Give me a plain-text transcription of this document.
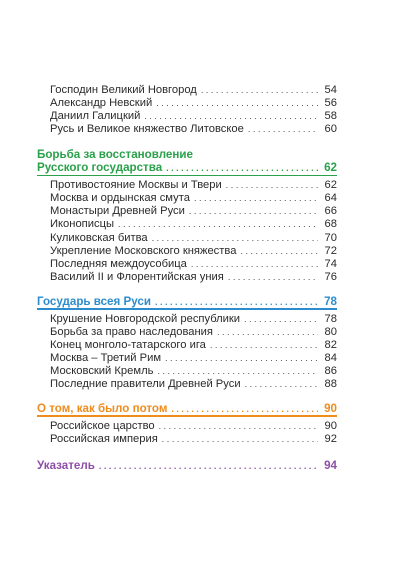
Господин Великий Новгород . . .	54
Александр Невский . . .	56
Даниил Галицкий . . .	58
Русь и Великое княжество Литовское . . .	60
Борьба за восстановление
Русского государства . . .	62
Противостояние Москвы и Твери . . .	62
Москва и ордынская смута . . .	64
Монастыри Древней Руси . . .	66
Иконописцы . . .	68
Куликовская битва . . .	70
Укрепление Московского княжества . . .	72
Последняя междоусобица . . .	74
Василий II и Флорентийская уния . . .	76
Государь всея Руси . . .	78
Крушение Новгородской республики . . .	78
Борьба за право наследования . . .	80
Конец монголо-татарского ига . . .	82
Москва – Третий Рим . . .	84
Московский Кремль . . .	86
Последние правители Древней Руси . . .	88
О том, как было потом . . .	90
Российское царство . . .	90
Российская империя . . .	92
Указатель . . .	94
